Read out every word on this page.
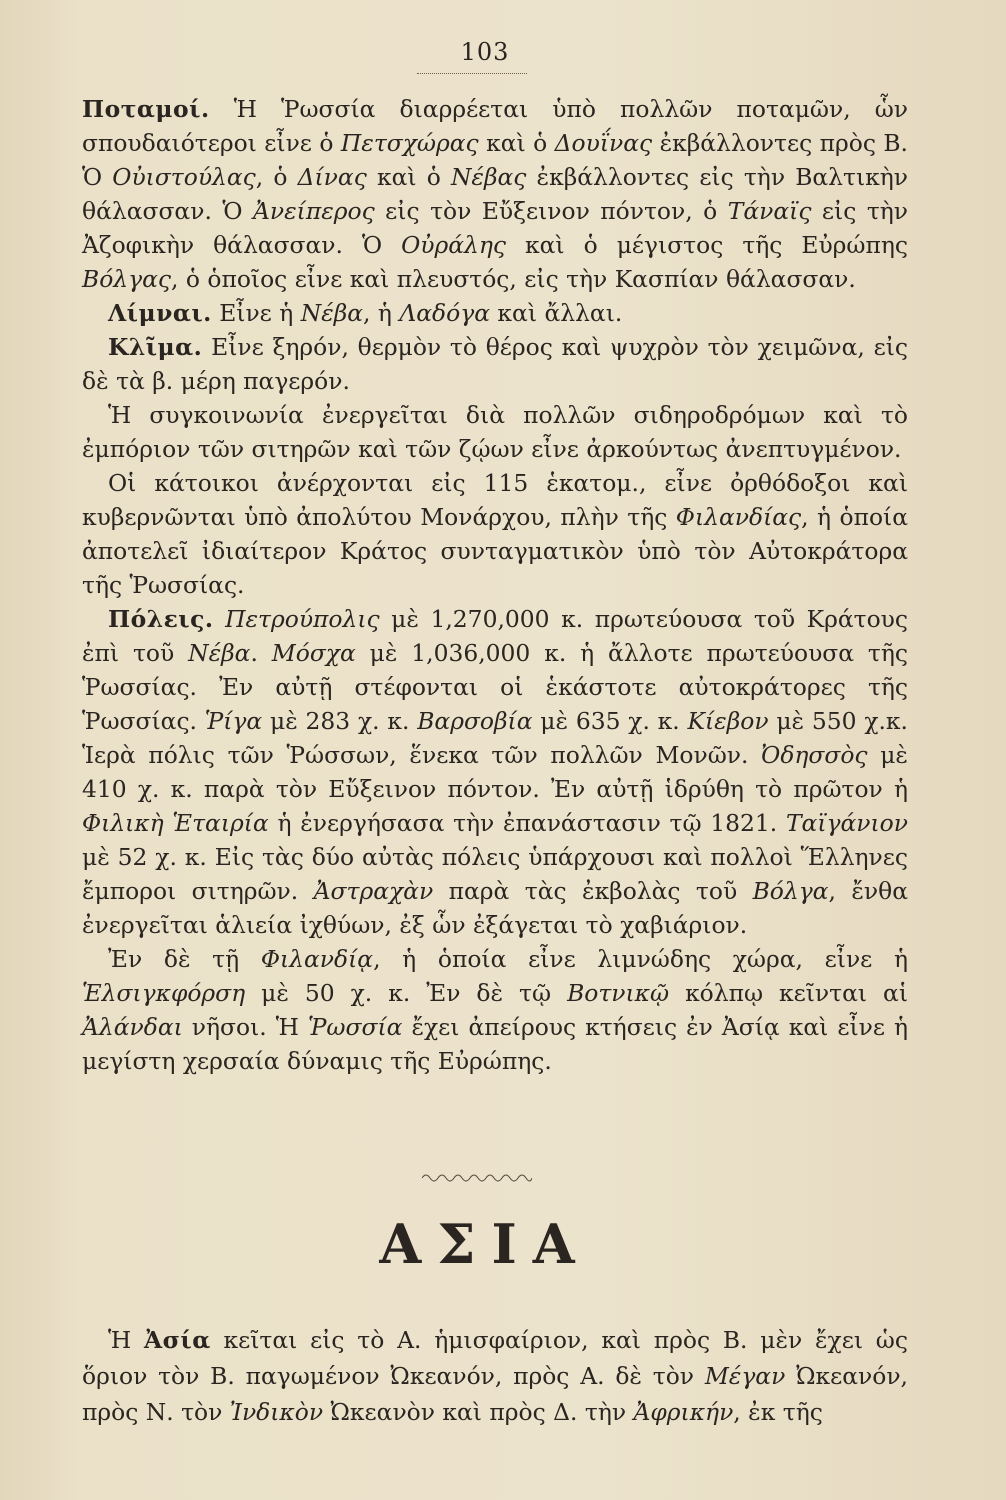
103

Ποταμοί. Ἡ Ῥωσσία διαρρέεται ὑπὸ πολλῶν ποταμῶν, ὧν σπουδαιότεροι εἶνε ὁ Πετσχώρας καὶ ὁ Δουΐνας ἐκβάλλοντες πρὸς Β. Ὁ Οὐιστούλας, ὁ Δίνας καὶ ὁ Νέβας ἐκβάλλοντες εἰς τὴν Βαλτικὴν θάλασσαν. Ὁ Ἀνείπερος εἰς τὸν Εὔξεινον πόντον, ὁ Τάναϊς εἰς τὴν Ἀζοφικὴν θάλασσαν. Ὁ Οὐράλης καὶ ὁ μέγιστος τῆς Εὐρώπης Βόλγας, ὁ ὁποῖος εἶνε καὶ πλευστός, εἰς τὴν Κασπίαν θάλασσαν.

Λίμναι. Εἶνε ἡ Νέβα, ἡ Λαδόγα καὶ ἄλλαι.

Κλῖμα. Εἶνε ξηρόν, θερμὸν τὸ θέρος καὶ ψυχρὸν τὸν χειμῶνα, εἰς δὲ τὰ β. μέρη παγερόν.

Ἡ συγκοινωνία ἐνεργεῖται διὰ πολλῶν σιδηροδρόμων καὶ τὸ ἐμπόριον τῶν σιτηρῶν καὶ τῶν ζῴων εἶνε ἀρκούντως ἀνεπτυγμένον.

Οἱ κάτοικοι ἀνέρχονται εἰς 115 ἑκατομ., εἶνε ὀρθόδοξοι καὶ κυβερνῶνται ὑπὸ ἀπολύτου Μονάρχου, πλὴν τῆς Φιλανδίας, ἡ ὁποία ἀποτελεῖ ἰδιαίτερον Κράτος συνταγματικὸν ὑπὸ τὸν Αὐτοκράτορα τῆς Ῥωσσίας.

Πόλεις. Πετρούπολις μὲ 1,270,000 κ. πρωτεύουσα τοῦ Κράτους ἐπὶ τοῦ Νέβα. Μόσχα μὲ 1,036,000 κ. ἡ ἄλλοτε πρωτεύουσα τῆς Ῥωσσίας. Ἐν αὐτῇ στέφονται οἱ ἑκάστοτε αὐτοκράτορες τῆς Ῥωσσίας. Ῥίγα μὲ 283 χ. κ. Βαρσοβία μὲ 635 χ. κ. Κίεβον μὲ 550 χ.κ. Ἱερὰ πόλις τῶν Ῥώσσων, ἕνεκα τῶν πολλῶν Μονῶν. Ὀδησσὸς μὲ 410 χ. κ. παρὰ τὸν Εὔξεινον πόντον. Ἐν αὐτῇ ἱδρύθη τὸ πρῶτον ἡ Φιλικὴ Ἑταιρία ἡ ἐνεργήσασα τὴν ἐπανάστασιν τῷ 1821. Ταϊγάνιον μὲ 52 χ. κ. Εἰς τὰς δύο αὐτὰς πόλεις ὑπάρχουσι καὶ πολλοὶ Ἕλληνες ἔμποροι σιτηρῶν. Ἀστραχὰν παρὰ τὰς ἐκβολὰς τοῦ Βόλγα, ἔνθα ἐνεργεῖται ἁλιεία ἰχθύων, ἐξ ὧν ἐξάγεται τὸ χαβιάριον.

Ἐν δὲ τῇ Φιλανδίᾳ, ἡ ὁποία εἶνε λιμνώδης χώρα, εἶνε ἡ Ἑλσιγκφόρση μὲ 50 χ. κ. Ἐν δὲ τῷ Βοτνικῷ κόλπῳ κεῖνται αἱ Ἀλάνδαι νῆσοι. Ἡ Ῥωσσία ἔχει ἀπείρους κτήσεις ἐν Ἀσίᾳ καὶ εἶνε ἡ μεγίστη χερσαία δύναμις τῆς Εὐρώπης.

ΑΣΙΑ

Ἡ Ἀσία κεῖται εἰς τὸ Α. ἡμισφαίριον, καὶ πρὸς Β. μὲν ἔχει ὡς ὅριον τὸν Β. παγωμένον Ὠκεανόν, πρὸς Α. δὲ τὸν Μέγαν Ὠκεανόν, πρὸς Ν. τὸν Ἰνδικὸν Ὠκεανὸν καὶ πρὸς Δ. τὴν Ἀφρικήν, ἐκ τῆς
